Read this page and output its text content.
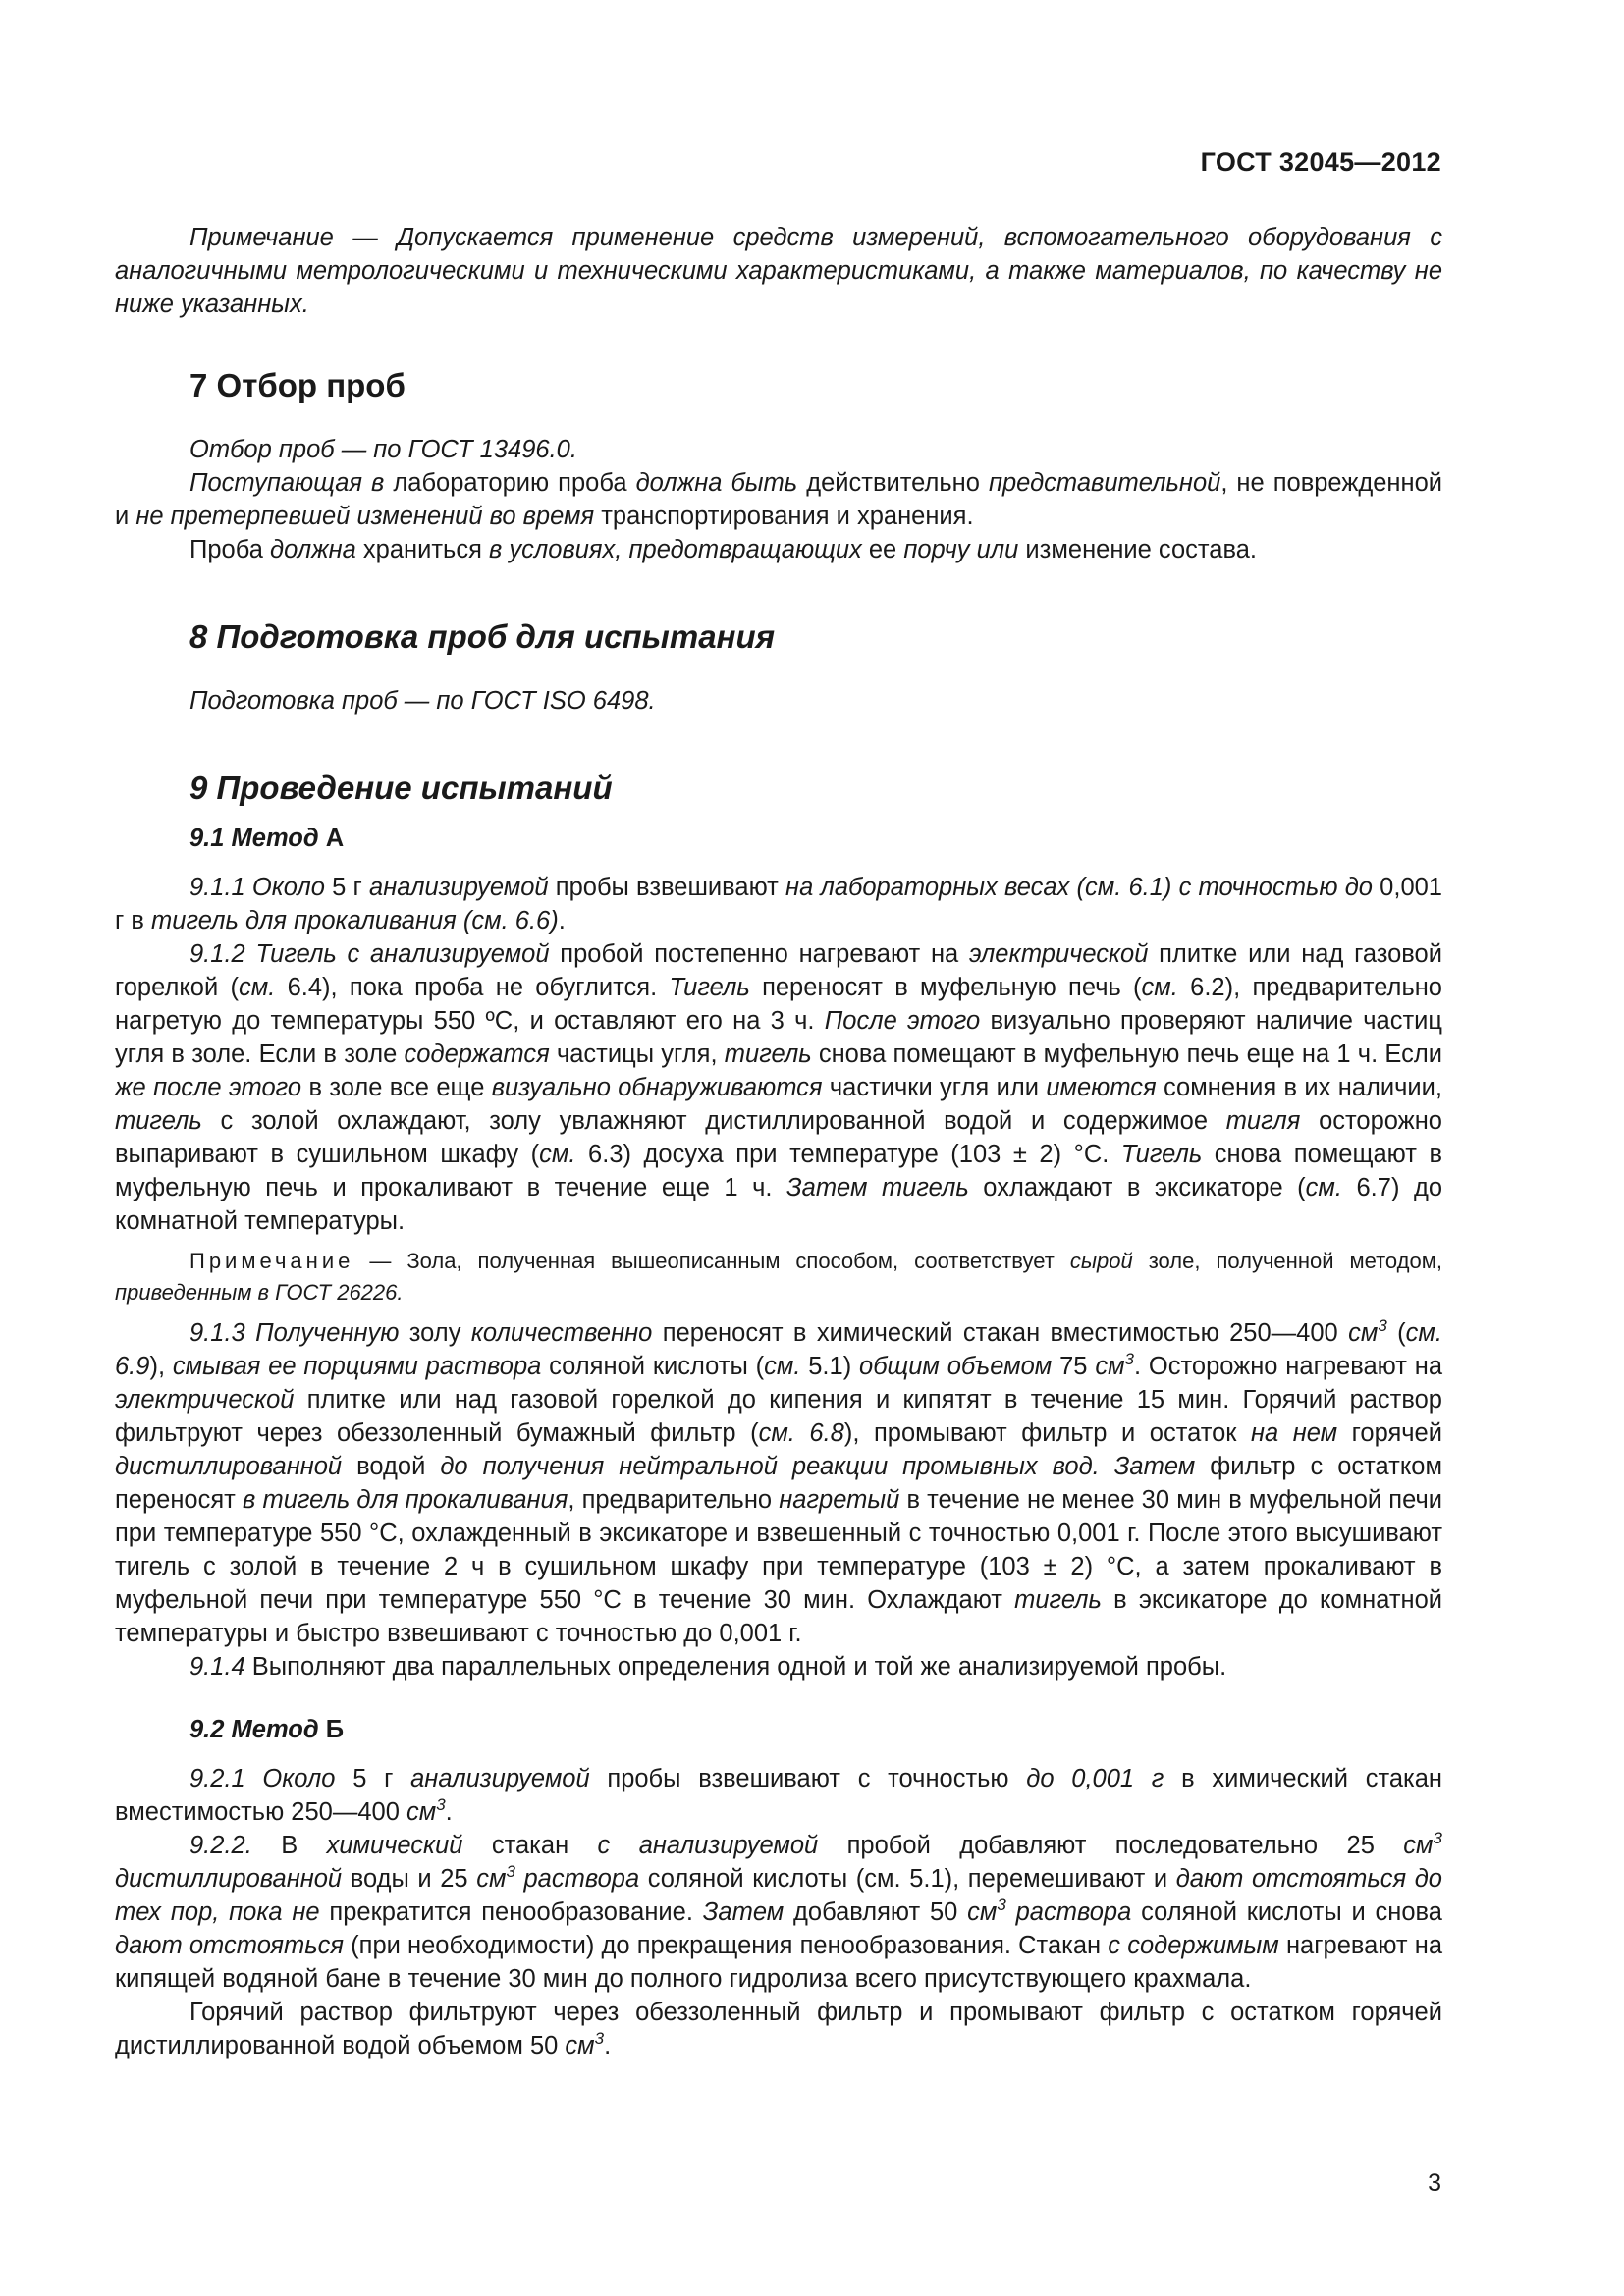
ГОСТ 32045—2012

Примечание — Допускается применение средств измерений, вспомогательного оборудования с аналогичными метрологическими и техническими характеристиками, а также материалов, по качеству не ниже указанных.

7 Отбор проб

Отбор проб — по ГОСТ 13496.0.

Поступающая в лабораторию проба должна быть действительно представительной, не поврежденной и не претерпевшей изменений во время транспортирования и хранения.

Проба должна храниться в условиях, предотвращающих ее порчу или изменение состава.

8 Подготовка проб для испытания

Подготовка проб — по ГОСТ ISO 6498.

9 Проведение испытаний
9.1 Метод А

9.1.1 Около 5 г анализируемой пробы взвешивают на лабораторных весах (см. 6.1) с точностью до 0,001 г в тигель для прокаливания (см. 6.6).

9.1.2 Тигель с анализируемой пробой постепенно нагревают на электрической плитке или над газовой горелкой (см. 6.4), пока проба не обуглится. Тигель переносят в муфельную печь (см. 6.2), предварительно нагретую до температуры 550 ºС, и оставляют его на 3 ч. После этого визуально проверяют наличие частиц угля в золе. Если в золе содержатся частицы угля, тигель снова помещают в муфельную печь еще на 1 ч. Если же после этого в золе все еще визуально обнаруживаются частички угля или имеются сомнения в их наличии, тигель с золой охлаждают, золу увлажняют дистиллированной водой и содержимое тигля осторожно выпаривают в сушильном шкафу (см. 6.3) досуха при температуре (103 ± 2) °С. Тигель снова помещают в муфельную печь и прокаливают в течение еще 1 ч. Затем тигель охлаждают в эксикаторе (см. 6.7) до комнатной температуры.

Примечание — Зола, полученная вышеописанным способом, соответствует сырой золе, полученной методом, приведенным в ГОСТ 26226.

9.1.3 Полученную золу количественно переносят в химический стакан вместимостью 250—400 $см^3$ (см. 6.9), смывая ее порциями раствора соляной кислоты (см. 5.1) общим объемом 75 $см^3$. Осторожно нагревают на электрической плитке или над газовой горелкой до кипения и кипятят в течение 15 мин. Горячий раствор фильтруют через обеззоленный бумажный фильтр (см. 6.8), промывают фильтр и остаток на нем горячей дистиллированной водой до получения нейтральной реакции промывных вод. Затем фильтр с остатком переносят в тигель для прокаливания, предварительно нагретый в течение не менее 30 мин в муфельной печи при температуре 550 °С, охлажденный в эксикаторе и взвешенный с точностью 0,001 г. После этого высушивают тигель с золой в течение 2 ч в сушильном шкафу при температуре (103 ± 2) °С, а затем прокаливают в муфельной печи при температуре 550 °С в течение 30 мин. Охлаждают тигель в эксикаторе до комнатной температуры и быстро взвешивают с точностью до 0,001 г.

9.1.4 Выполняют два параллельных определения одной и той же анализируемой пробы.

9.2 Метод Б

9.2.1 Около 5 г анализируемой пробы взвешивают с точностью до 0,001 г в химический стакан вместимостью 250—400 $см^3$.

9.2.2. В химический стакан с анализируемой пробой добавляют последовательно 25 $см^3$ дистиллированной воды и 25 $см^3$ раствора соляной кислоты (см. 5.1), перемешивают и дают отстояться до тех пор, пока не прекратится пенообразование. Затем добавляют 50 $см^3$ раствора соляной кислоты и снова дают отстояться (при необходимости) до прекращения пенообразования. Стакан с содержимым нагревают на кипящей водяной бане в течение 30 мин до полного гидролиза всего присутствующего крахмала.

Горячий раствор фильтруют через обеззоленный фильтр и промывают фильтр с остатком горячей дистиллированной водой объемом 50 $см^3$.

3
